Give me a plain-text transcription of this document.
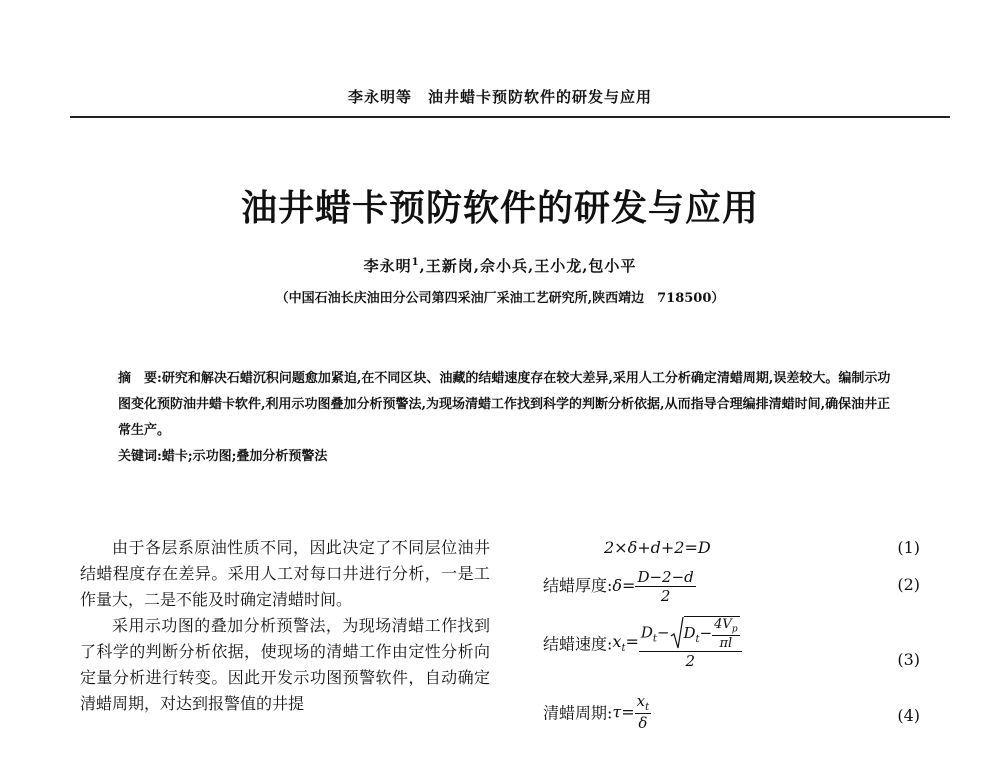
李永明等　油井蜡卡预防软件的研发与应用
油井蜡卡预防软件的研发与应用
李永明$^1$,王新岗,佘小兵,王小龙,包小平
（中国石油长庆油田分公司第四采油厂采油工艺研究所,陕西靖边　718500）

摘　要:研究和解决石蜡沉积问题愈加紧迫,在不同区块、油藏的结蜡速度存在较大差异,采用人工分析确定清蜡周期,误差较大。编制示功图变化预防油井蜡卡软件,利用示功图叠加分析预警法,为现场清蜡工作找到科学的判断分析依据,从而指导合理编排清蜡时间,确保油井正常生产。

关键词:蜡卡;示功图;叠加分析预警法

由于各层系原油性质不同，因此决定了不同层位油井结蜡程度存在差异。采用人工对每口井进行分析，一是工作量大，二是不能及时确定清蜡时间。

采用示功图的叠加分析预警法，为现场清蜡工作找到了科学的判断分析依据，使现场的清蜡工作由定性分析向定量分析进行转变。因此开发示功图预警软件，自动确定清蜡周期，对达到报警值的井提

2×δ+d+2=D	(1)
结蜡厚度:δ= $\frac{D-2-d}{2}$	(2)
结蜡速度$:x_t= \frac{D_t- D_t- \frac{4V_p}{\pi l}}{2}$	(3)
清蜡周期:τ= $\frac{x_t}{\delta}$	(4)
